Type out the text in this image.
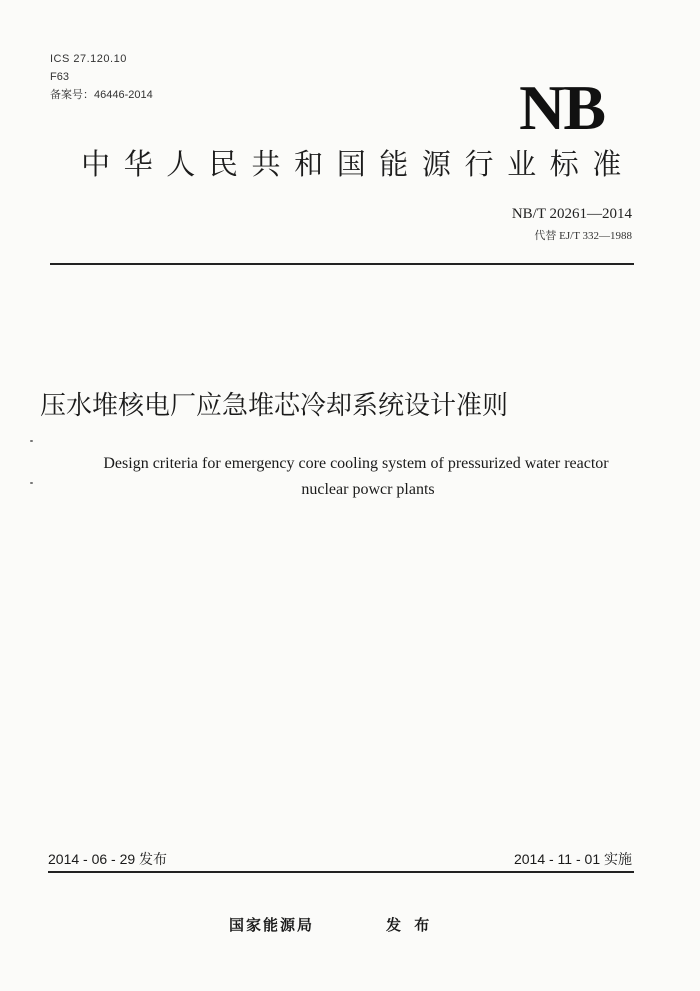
ICS 27.120.10
F63
备案号：46446-2014	NB
中华人民共和国能源行业标准
NB/T 20261—2014
代替 EJ/T 332—1988
压水堆核电厂应急堆芯冷却系统设计准则
Design criteria for emergency core cooling system of pressurized water reactor
nuclear powcr plants
2014 - 06 - 29 发布	2014 - 11 - 01 实施
国家能源局	发 布
